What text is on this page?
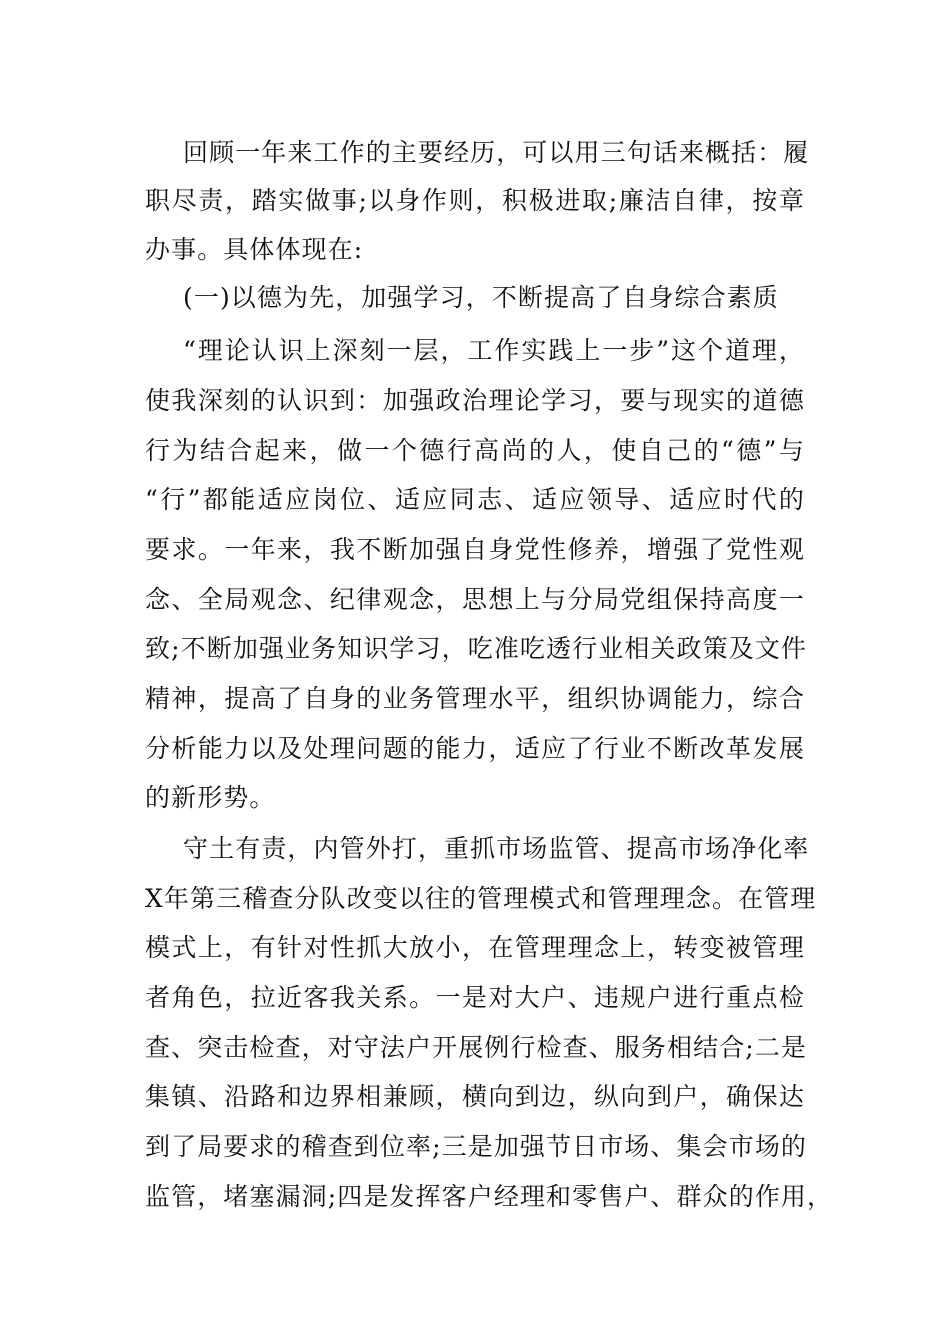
回顾一年来工作的主要经历，可以用三句话来概括：履
职尽责，踏实做事;以身作则，积极进取;廉洁自律，按章
办事。具体体现在:
(一)以德为先，加强学习，不断提高了自身综合素质
“理论认识上深刻一层，工作实践上一步”这个道理，
使我深刻的认识到：加强政治理论学习，要与现实的道德
行为结合起来，做一个德行高尚的人，使自己的“德”与
“行”都能适应岗位、适应同志、适应领导、适应时代的
要求。一年来，我不断加强自身党性修养，增强了党性观
念、全局观念、纪律观念，思想上与分局党组保持高度一
致;不断加强业务知识学习，吃准吃透行业相关政策及文件
精神，提高了自身的业务管理水平，组织协调能力，综合
分析能力以及处理问题的能力，适应了行业不断改革发展
的新形势。
守土有责，内管外打，重抓市场监管、提高市场净化率
X年第三稽查分队改变以往的管理模式和管理理念。在管理
模式上，有针对性抓大放小，在管理理念上，转变被管理
者角色，拉近客我关系。一是对大户、违规户进行重点检
查、突击检查，对守法户开展例行检查、服务相结合;二是
集镇、沿路和边界相兼顾，横向到边，纵向到户，确保达
到了局要求的稽查到位率;三是加强节日市场、集会市场的
监管，堵塞漏洞;四是发挥客户经理和零售户、群众的作用，
